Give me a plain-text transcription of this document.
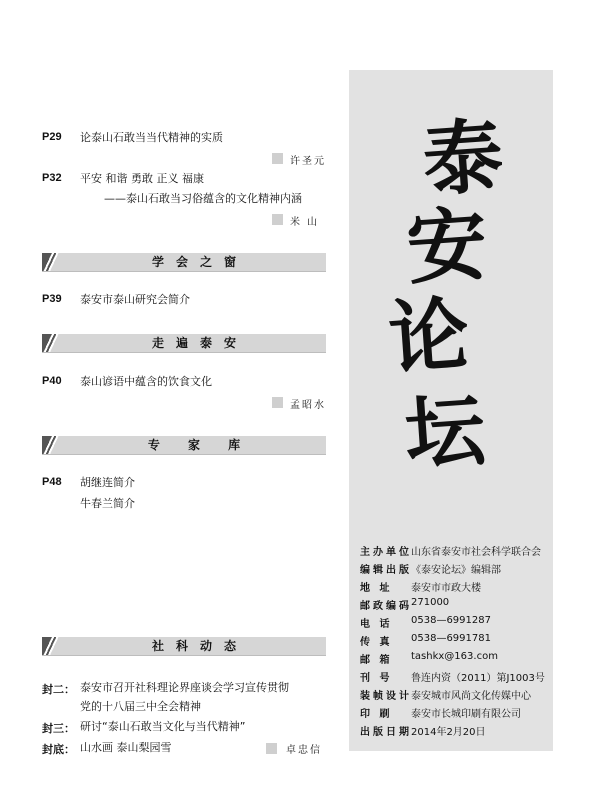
P29 论泰山石敢当当代精神的实质
许圣元
P32 平安 和谐 勇敢 正义 福康
——泰山石敢当习俗蕴含的文化精神内涵
米 山
学会之窗
P39 泰安市泰山研究会简介
走遍泰安
P40 泰山谚语中蕴含的饮食文化
孟昭水
专 家 库
P48 胡继连简介
牛春兰简介
社科动态
封二： 泰安市召开社科理论界座谈会学习宣传贯彻
党的十八届三中全会精神
封三： 研讨“泰山石敢当文化与当代精神”
封底： 山水画 泰山梨园雪	卓忠信
泰
安
论
坛
主办单位 山东省泰安市社会科学联合会
编辑出版 《泰安论坛》编辑部
地 址 泰安市市政大楼
邮政编码 271000
电 话 0538—6991287
传 真 0538—6991781
邮 箱 tashkx@163.com
刊 号 鲁连内资（2011）第J1003号
装帧设计 泰安城市风尚文化传媒中心
印 刷 泰安市长城印刷有限公司
出版日期 2014年2月20日
